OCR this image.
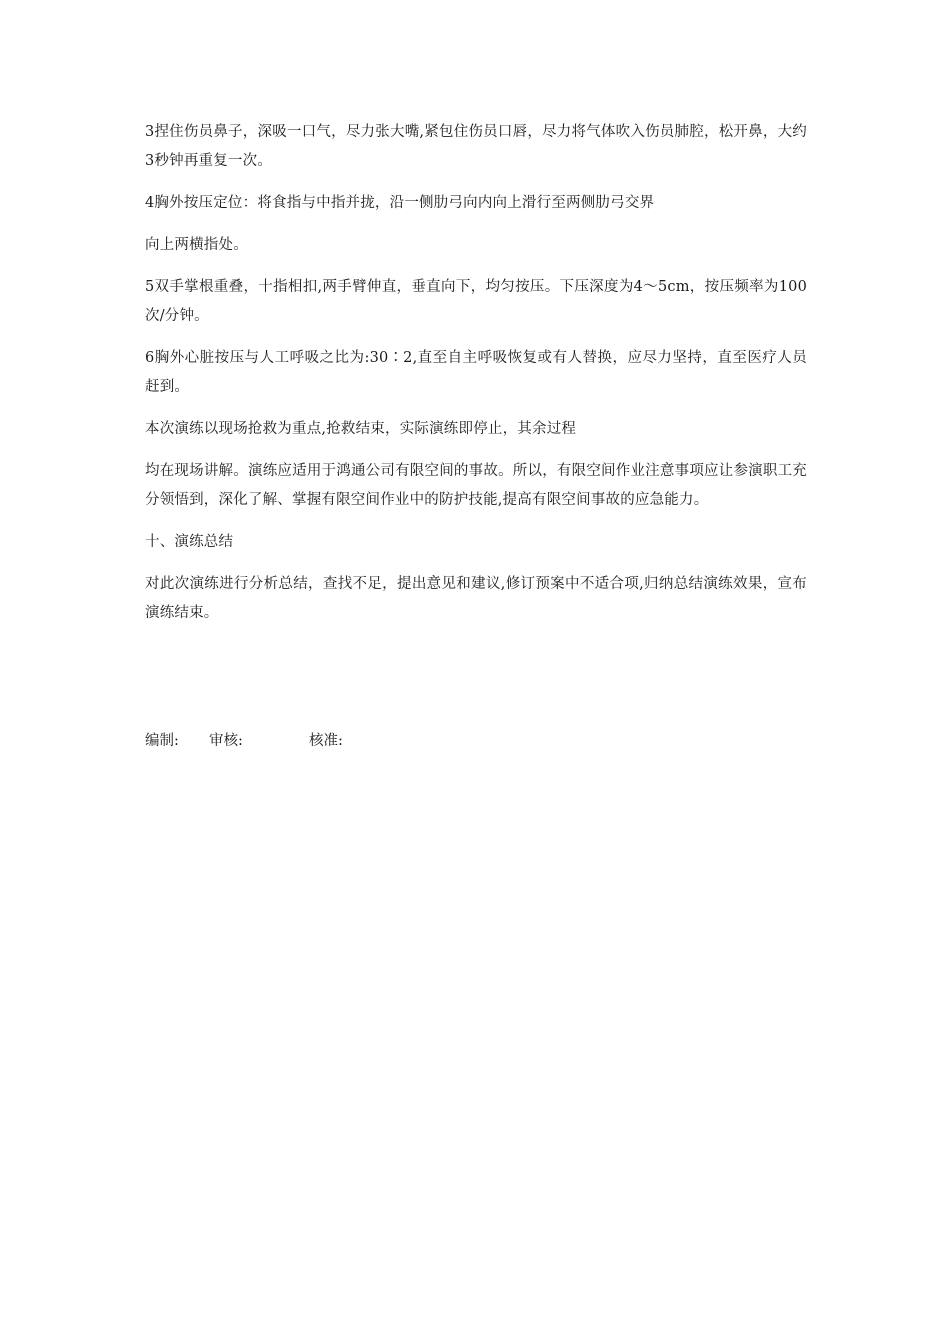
3捏住伤员鼻子，深吸一口气，尽力张大嘴,紧包住伤员口唇，尽力将气体吹入伤员肺腔，松开鼻，大约3秒钟再重复一次。

4胸外按压定位：将食指与中指并拢，沿一侧肋弓向内向上滑行至两侧肋弓交界

向上两横指处。

5双手掌根重叠，十指相扣,两手臂伸直，垂直向下，均匀按压。下压深度为4～5cm，按压频率为100次/分钟。

6胸外心脏按压与人工呼吸之比为:30∶2,直至自主呼吸恢复或有人替换，应尽力坚持，直至医疗人员赶到。

本次演练以现场抢救为重点,抢救结束，实际演练即停止，其余过程

均在现场讲解。演练应适用于鸿通公司有限空间的事故。所以，有限空间作业注意事项应让参演职工充分领悟到，深化了解、掌握有限空间作业中的防护技能,提高有限空间事故的应急能力。

十、演练总结

对此次演练进行分析总结，查找不足，提出意见和建议,修订预案中不适合项,归纳总结演练效果，宣布演练结束。

编制: 审核:	核准:
